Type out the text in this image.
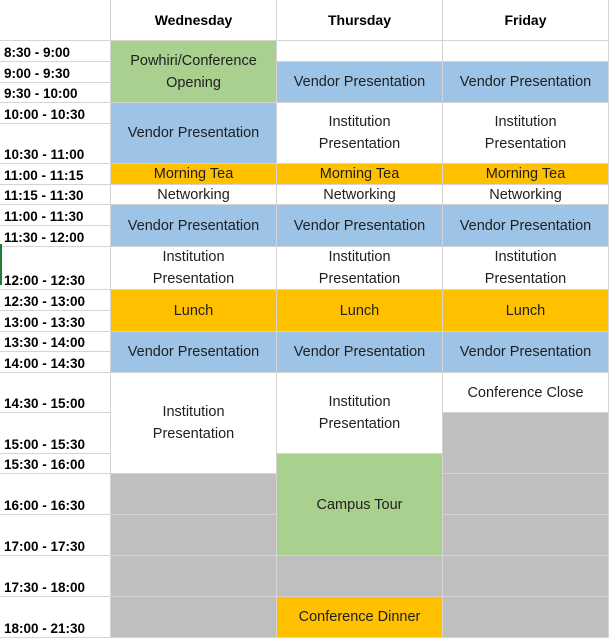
Wednesday	Thursday	Friday
8:30 - 9:00
9:00 - 9:30
9:30 - 10:00
10:00 - 10:30
10:30 - 11:00
11:00 - 11:15
11:15 - 11:30
11:00 - 11:30
11:30 - 12:00
12:00 - 12:30
12:30 - 13:00
13:00 - 13:30
13:30 - 14:00
14:00 - 14:30
14:30 - 15:00
15:00 - 15:30
15:30 - 16:00
16:00 - 16:30
17:00 - 17:30
17:30 - 18:00
18:00 - 21:30
Powhiri/Conference
Opening
Vendor Presentation
Morning Tea
Networking
Vendor Presentation
Institution
Presentation
Lunch
Vendor Presentation
Institution
Presentation
Vendor Presentation
Institution
Presentation
Morning Tea
Networking
Vendor Presentation
Institution
Presentation
Lunch
Vendor Presentation
Institution
Presentation
Campus Tour
Conference Dinner
Vendor Presentation
Institution
Presentation
Morning Tea
Networking
Vendor Presentation
Institution
Presentation
Lunch
Vendor Presentation
Conference Close
